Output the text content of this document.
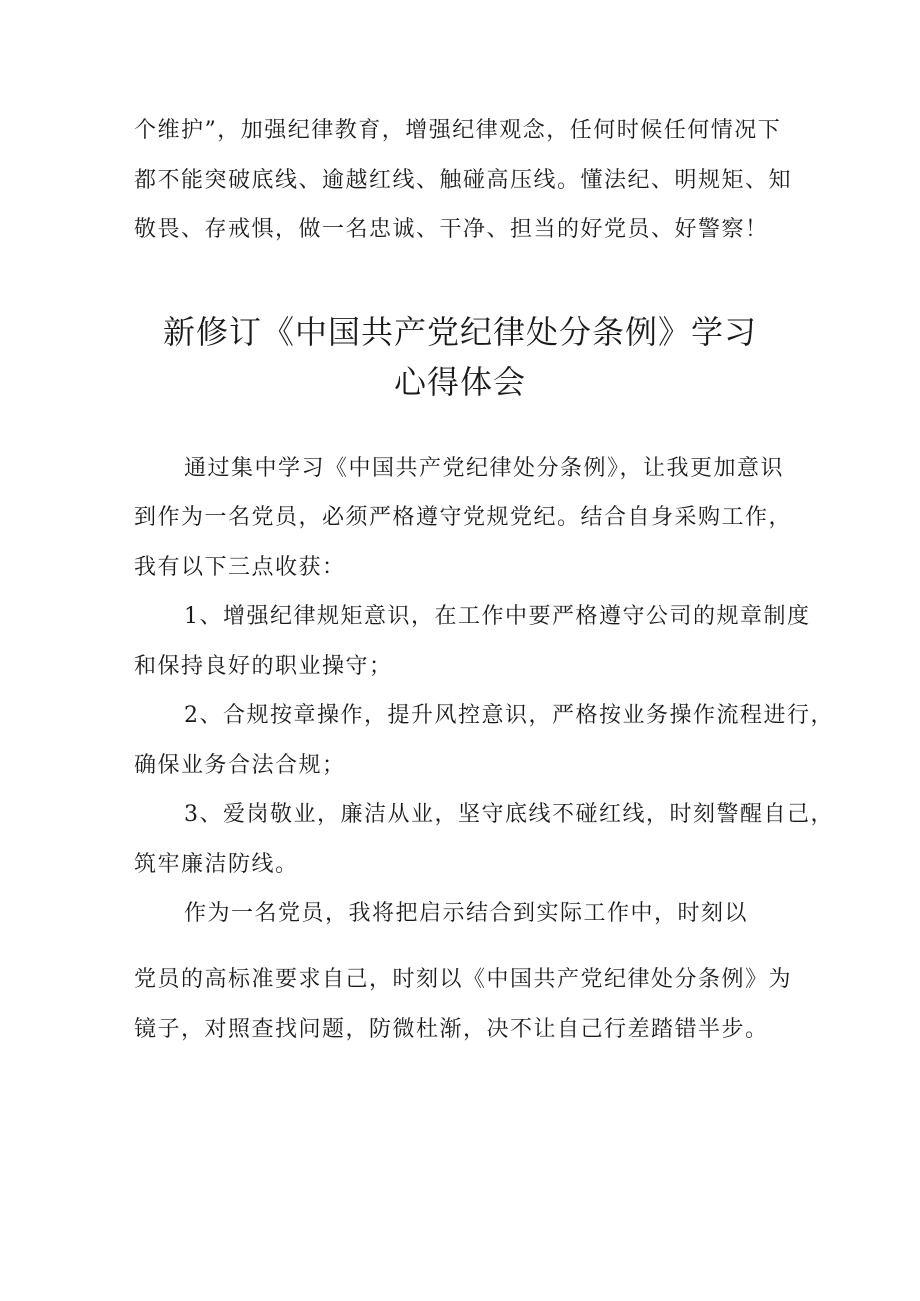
个维护”，加强纪律教育，增强纪律观念，任何时候任何情况下
都不能突破底线、逾越红线、触碰高压线。懂法纪、明规矩、知
敬畏、存戒惧，做一名忠诚、干净、担当的好党员、好警察！
新修订《中国共产党纪律处分条例》学习
心得体会
通过集中学习《中国共产党纪律处分条例》，让我更加意识
到作为一名党员，必须严格遵守党规党纪。结合自身采购工作，
我有以下三点收获：
1、增强纪律规矩意识，在工作中要严格遵守公司的规章制度
和保持良好的职业操守；
2、合规按章操作，提升风控意识，严格按业务操作流程进行，
确保业务合法合规；
3、爱岗敬业，廉洁从业，坚守底线不碰红线，时刻警醒自己，
筑牢廉洁防线。
作为一名党员，我将把启示结合到实际工作中，时刻以
党员的高标准要求自己，时刻以《中国共产党纪律处分条例》为
镜子，对照查找问题，防微杜渐，决不让自己行差踏错半步。
